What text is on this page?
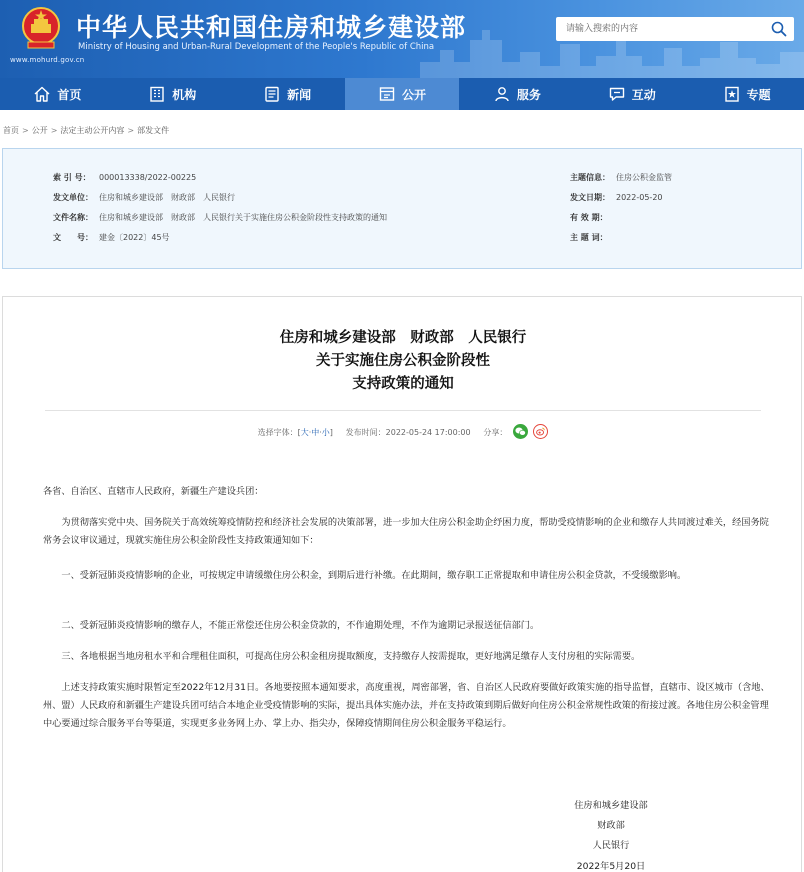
www.mohurd.gov.cn
中华人民共和国住房和城乡建设部
Ministry of Housing and Urban-Rural Development of the People's Republic of China
请输入搜索的内容
首页	机构	新闻	公开	服务	互动	专题
首页 > 公开 > 法定主动公开内容 > 部发文件
索 引 号： 000013338/2022-00225
发文单位： 住房和城乡建设部　财政部　人民银行
文件名称： 住房和城乡建设部　财政部　人民银行关于实施住房公积金阶段性支持政策的通知
文　　号： 建金〔2022〕45号
主题信息： 住房公积金监管
发文日期： 2022-05-20
有 效 期：
主 题 词：
住房和城乡建设部　财政部　人民银行
关于实施住房公积金阶段性
支持政策的通知
选择字体：[大·中·小] 发布时间：2022-05-24 17:00:00 分享：
各省、自治区、直辖市人民政府，新疆生产建设兵团：
为贯彻落实党中央、国务院关于高效统筹疫情防控和经济社会发展的决策部署，进一步加大住房公积金助企纾困力度，帮助受疫情影响的企业和缴存人共同渡过难关，经国务院常务会议审议通过，现就实施住房公积金阶段性支持政策通知如下：
一、受新冠肺炎疫情影响的企业，可按规定申请缓缴住房公积金，到期后进行补缴。在此期间，缴存职工正常提取和申请住房公积金贷款，不受缓缴影响。
二、受新冠肺炎疫情影响的缴存人，不能正常偿还住房公积金贷款的，不作逾期处理，不作为逾期记录报送征信部门。
三、各地根据当地房租水平和合理租住面积，可提高住房公积金租房提取额度，支持缴存人按需提取，更好地满足缴存人支付房租的实际需要。
上述支持政策实施时限暂定至2022年12月31日。各地要按照本通知要求，高度重视，周密部署，省、自治区人民政府要做好政策实施的指导监督，直辖市、设区城市（含地、州、盟）人民政府和新疆生产建设兵团可结合本地企业受疫情影响的实际，提出具体实施办法，并在支持政策到期后做好向住房公积金常规性政策的衔接过渡。各地住房公积金管理中心要通过综合服务平台等渠道，实现更多业务网上办、掌上办、指尖办，保障疫情期间住房公积金服务平稳运行。
住房和城乡建设部
财政部
人民银行
2022年5月20日
